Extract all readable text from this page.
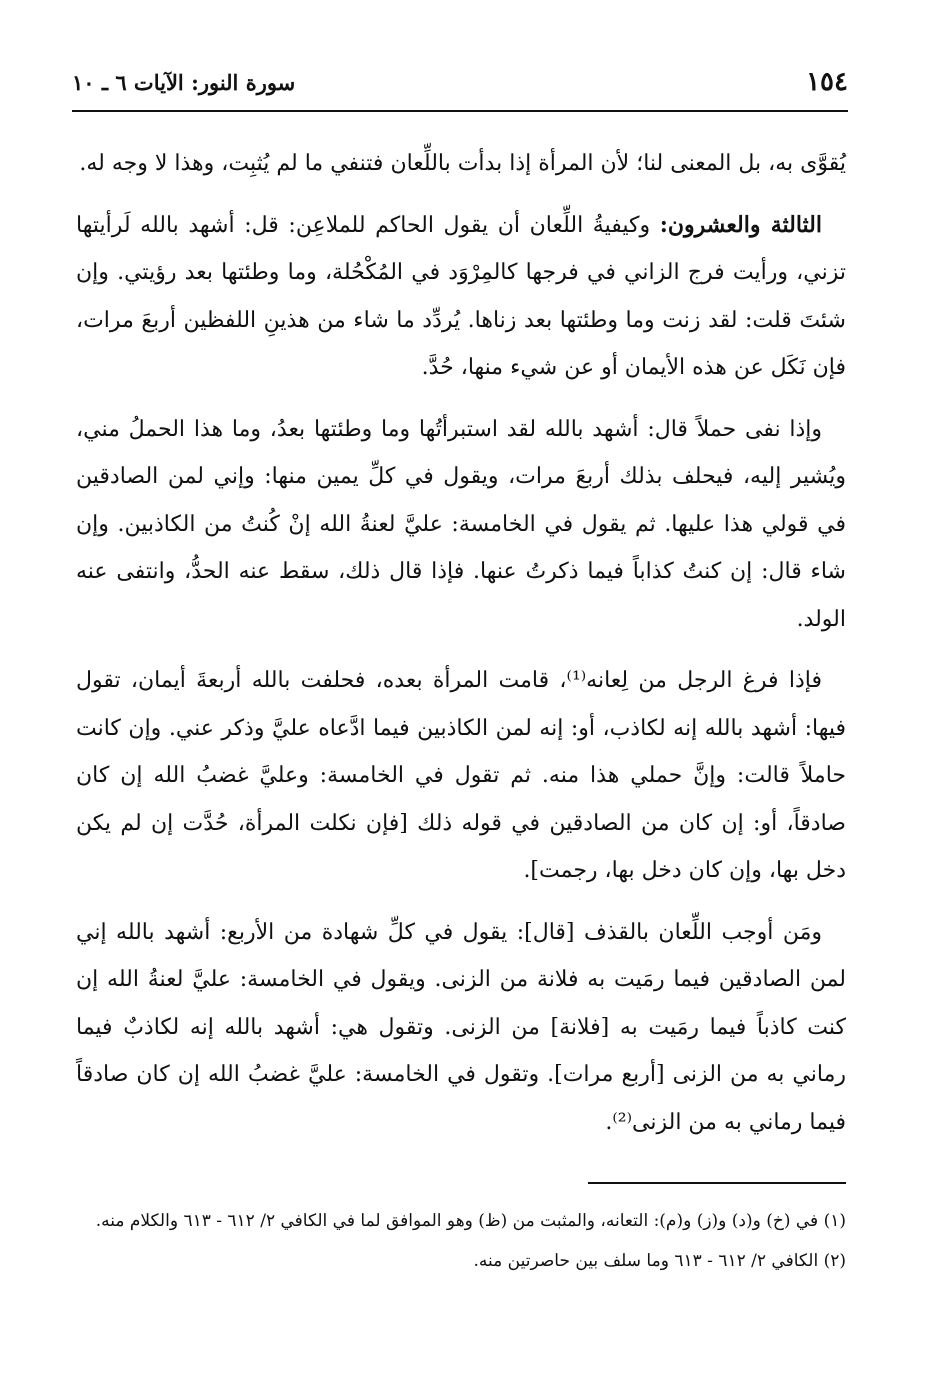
١٥٤
سورة النور: الآيات ٦ ـ ١٠

يُقوَّى به، بل المعنى لنا؛ لأن المرأة إذا بدأت باللِّعان فتنفي ما لم يُثبِت، وهذا لا وجه له.

الثالثة والعشرون: وكيفيةُ اللِّعان أن يقول الحاكم للملاعِن: قل: أشهد بالله لَرأيتها تزني، ورأيت فرج الزاني في فرجها كالمِرْوَد في المُكْحُلة، وما وطئتها بعد رؤيتي. وإن شئتَ قلت: لقد زنت وما وطئتها بعد زناها. يُردِّد ما شاء من هذينِ اللفظين أربعَ مرات، فإن نَكَل عن هذه الأيمان أو عن شيء منها، حُدَّ.

وإذا نفى حملاً قال: أشهد بالله لقد استبرأتُها وما وطئتها بعدُ، وما هذا الحملُ مني، ويُشير إليه، فيحلف بذلك أربعَ مرات، ويقول في كلِّ يمين منها: وإني لمن الصادقين في قولي هذا عليها. ثم يقول في الخامسة: عليَّ لعنةُ الله إنْ كُنتُ من الكاذبين. وإن شاء قال: إن كنتُ كذاباً فيما ذكرتُ عنها. فإذا قال ذلك، سقط عنه الحدُّ، وانتفى عنه الولد.

فإذا فرغ الرجل من لِعانه⁽¹⁾، قامت المرأة بعده، فحلفت بالله أربعةَ أيمان، تقول فيها: أشهد بالله إنه لكاذب، أو: إنه لمن الكاذبين فيما ادَّعاه عليَّ وذكر عني. وإن كانت حاملاً قالت: وإنَّ حملي هذا منه. ثم تقول في الخامسة: وعليَّ غضبُ الله إن كان صادقاً، أو: إن كان من الصادقين في قوله ذلك [فإن نكلت المرأة، حُدَّت إن لم يكن دخل بها، وإن كان دخل بها، رجمت].

ومَن أوجب اللِّعان بالقذف [قال]: يقول في كلِّ شهادة من الأربع: أشهد بالله إني لمن الصادقين فيما رمَيت به فلانة من الزنى. ويقول في الخامسة: عليَّ لعنةُ الله إن كنت كاذباً فيما رمَيت به [فلانة] من الزنى. وتقول هي: أشهد بالله إنه لكاذبٌ فيما رماني به من الزنى [أربع مرات]. وتقول في الخامسة: عليَّ غضبُ الله إن كان صادقاً فيما رماني به من الزنى⁽²⁾.

(١) في (خ) و(د) و(ز) و(م): التعانه، والمثبت من (ظ) وهو الموافق لما في الكافي ٢/ ٦١٢ - ٦١٣ والكلام منه.

(٢) الكافي ٢/ ٦١٢ - ٦١٣ وما سلف بين حاصرتين منه.
